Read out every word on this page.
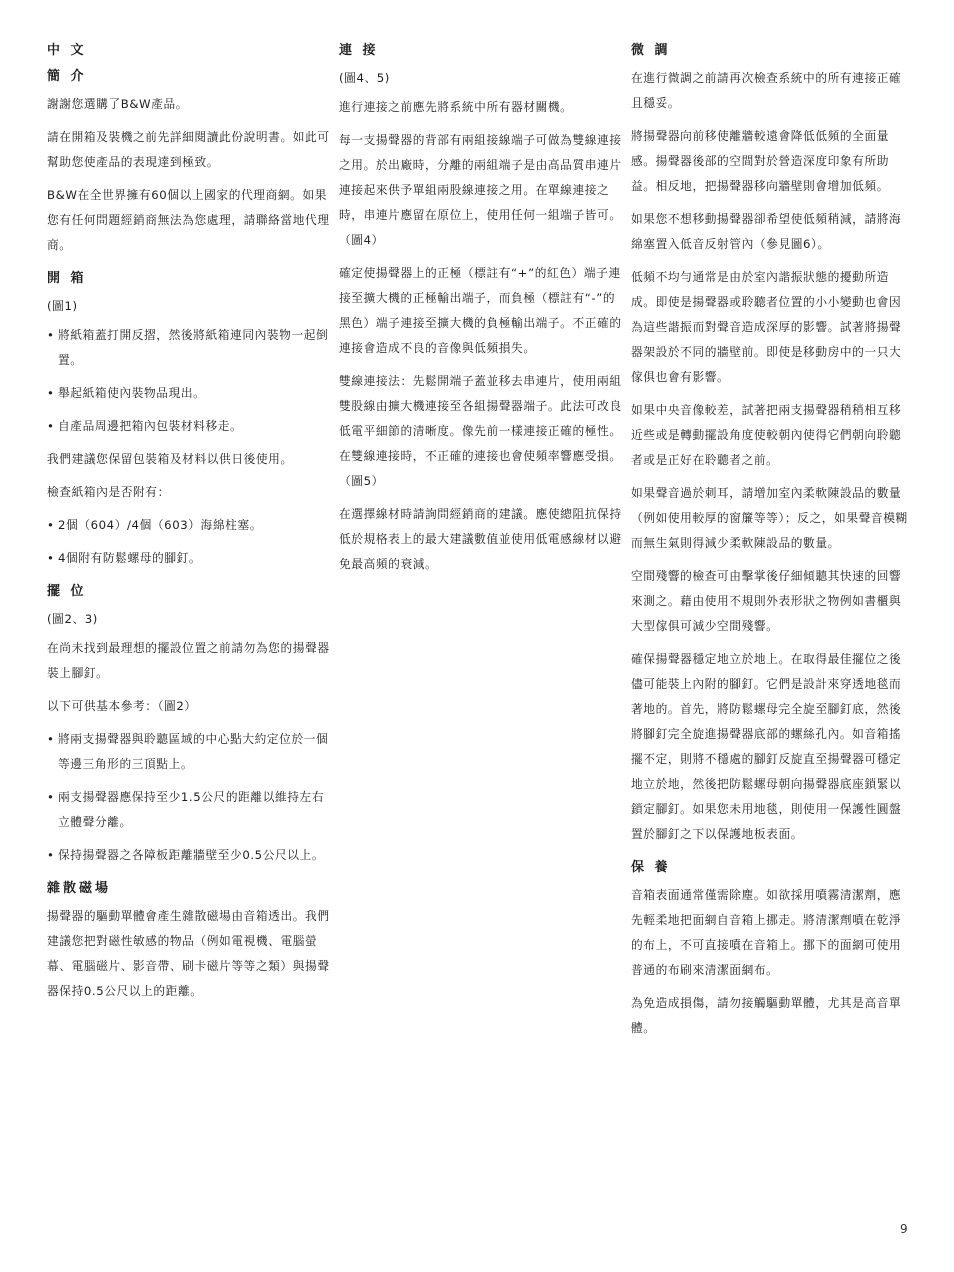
中 文
簡 介

謝謝您選購了B&W產品。

請在開箱及裝機之前先詳細閱讀此份說明書。如此可幫助您使產品的表現達到極致。

B&W在全世界擁有60個以上國家的代理商網。如果您有任何問題經銷商無法為您處理，請聯絡當地代理商。

開 箱

(圖1)

• 將紙箱蓋打開反摺，然後將紙箱連同內裝物一起倒置。

• 舉起紙箱使內裝物品現出。

• 自產品周邊把箱內包裝材料移走。

我們建議您保留包裝箱及材料以供日後使用。

檢查紙箱內是否附有：

• 2個（604）/4個（603）海綿柱塞。

• 4個附有防鬆螺母的腳釘。

擺 位

(圖2、3)

在尚未找到最理想的擺設位置之前請勿為您的揚聲器裝上腳釘。

以下可供基本參考：（圖2）

• 將兩支揚聲器與聆聽區域的中心點大約定位於一個等邊三角形的三頂點上。

• 兩支揚聲器應保持至少1.5公尺的距離以維持左右立體聲分離。

• 保持揚聲器之各障板距離牆壁至少0.5公尺以上。

雜散磁場

揚聲器的驅動單體會產生雜散磁場由音箱透出。我們建議您把對磁性敏感的物品（例如電視機、電腦螢幕、電腦磁片、影音帶、刷卡磁片等等之類）與揚聲器保持0.5公尺以上的距離。

連 接

(圖4、5)

進行連接之前應先將系統中所有器材關機。

每一支揚聲器的背部有兩組接線端子可做為雙線連接之用。於出廠時，分離的兩組端子是由高品質串連片連接起來供予單組兩股線連接之用。在單線連接之時，串連片應留在原位上，使用任何一組端子皆可。（圖4）

確定使揚聲器上的正極（標註有“+”的紅色）端子連接至擴大機的正極輸出端子，而負極（標註有“-”的黑色）端子連接至擴大機的負極輸出端子。不正確的連接會造成不良的音像與低頻損失。

雙線連接法：先鬆開端子蓋並移去串連片，使用兩組雙股線由擴大機連接至各組揚聲器端子。此法可改良低電平細節的清晰度。像先前一樣連接正確的極性。在雙線連接時，不正確的連接也會使頻率響應受損。（圖5）

在選擇線材時請詢問經銷商的建議。應使總阻抗保持低於規格表上的最大建議數值並使用低電感線材以避免最高頻的衰減。

微 調

在進行微調之前請再次檢查系統中的所有連接正確且穩妥。

將揚聲器向前移使離牆較遠會降低低頻的全面量感。揚聲器後部的空間對於營造深度印象有所助益。相反地，把揚聲器移向牆壁則會增加低頻。

如果您不想移動揚聲器卻希望使低頻稍減，請將海綿塞置入低音反射管內（參見圖6）。

低頻不均勻通常是由於室內諧振狀態的擾動所造成。即使是揚聲器或聆聽者位置的小小變動也會因為這些諧振而對聲音造成深厚的影響。試著將揚聲器架設於不同的牆壁前。即使是移動房中的一只大傢俱也會有影響。

如果中央音像較差，試著把兩支揚聲器稍稍相互移近些或是轉動擺設角度使較朝內使得它們朝向聆聽者或是正好在聆聽者之前。

如果聲音過於刺耳，請增加室內柔軟陳設品的數量（例如使用較厚的窗簾等等）；反之，如果聲音模糊而無生氣則得減少柔軟陳設品的數量。

空間殘響的檢查可由擊掌後仔細傾聽其快速的回響來測之。藉由使用不規則外表形狀之物例如書櫃與大型傢俱可減少空間殘響。

確保揚聲器穩定地立於地上。在取得最佳擺位之後儘可能裝上內附的腳釘。它們是設計來穿透地毯而著地的。首先，將防鬆螺母完全旋至腳釘底，然後將腳釘完全旋進揚聲器底部的螺絲孔內。如音箱搖擺不定，則將不穩處的腳釘反旋直至揚聲器可穩定地立於地，然後把防鬆螺母朝向揚聲器底座鎖緊以鎖定腳釘。如果您未用地毯，則使用一保護性圓盤置於腳釘之下以保護地板表面。

保 養

音箱表面通常僅需除塵。如欲採用噴霧清潔劑，應先輕柔地把面網自音箱上挪走。將清潔劑噴在乾淨的布上，不可直接噴在音箱上。挪下的面網可使用普通的布刷來清潔面網布。

為免造成損傷，請勿接觸驅動單體，尤其是高音單體。

9
